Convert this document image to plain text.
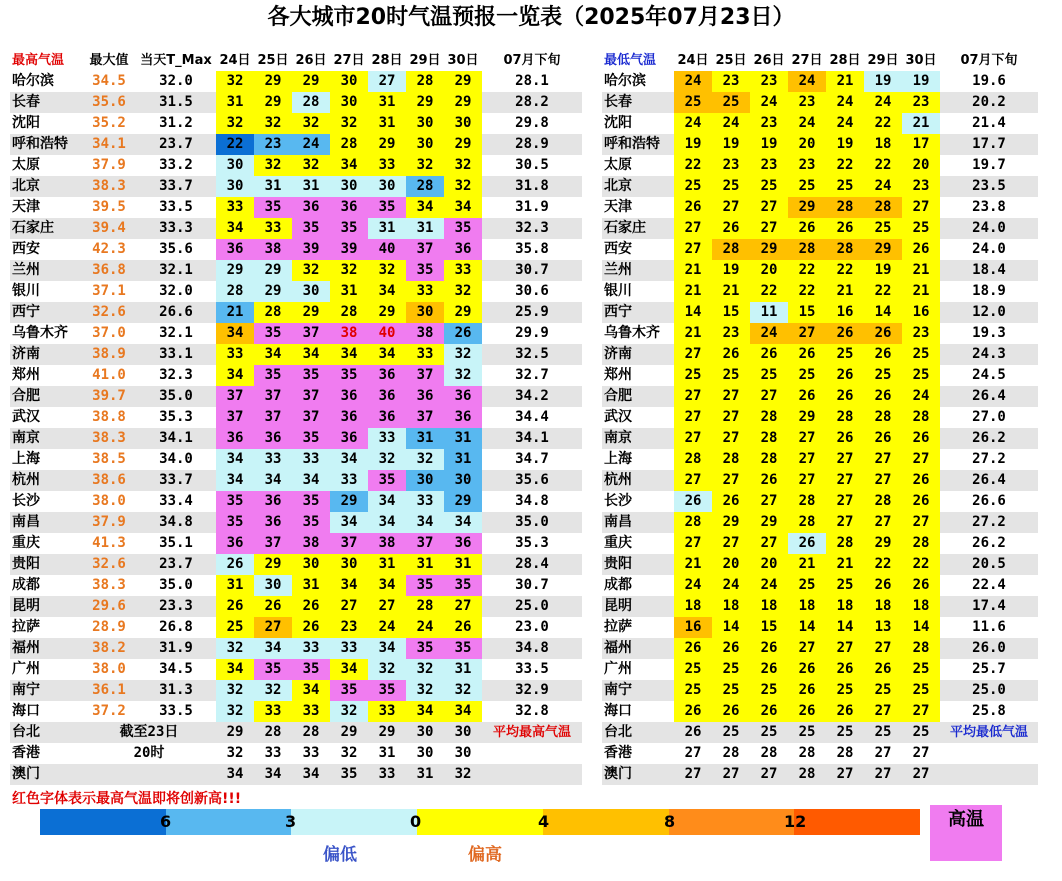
各大城市20时气温预报一览表（2025年07月23日）
最高气温	最大值	当天T_Max	24日	25日	26日	27日	28日	29日	30日	07月下旬
哈尔滨	34.5	32.0	32	29	29	30	27	28	29	28.1
长春	35.6	31.5	31	29	28	30	31	29	29	28.2
沈阳	35.2	31.2	32	32	32	32	31	30	30	29.8
呼和浩特	34.1	23.7	22	23	24	28	29	30	29	28.9
太原	37.9	33.2	30	32	32	34	33	32	32	30.5
北京	38.3	33.7	30	31	31	30	30	28	32	31.8
天津	39.5	33.5	33	35	36	36	35	34	34	31.9
石家庄	39.4	33.3	34	33	35	35	31	31	35	32.3
西安	42.3	35.6	36	38	39	39	40	37	36	35.8
兰州	36.8	32.1	29	29	32	32	32	35	33	30.7
银川	37.1	32.0	28	29	30	31	34	33	32	30.6
西宁	32.6	26.6	21	28	29	28	29	30	29	25.9
乌鲁木齐	37.0	32.1	34	35	37	38	40	38	26	29.9
济南	38.9	33.1	33	34	34	34	34	33	32	32.5
郑州	41.0	32.3	34	35	35	35	36	37	32	32.7
合肥	39.7	35.0	37	37	37	36	36	36	36	34.2
武汉	38.8	35.3	37	37	37	36	36	37	36	34.4
南京	38.3	34.1	36	36	35	36	33	31	31	34.1
上海	38.5	34.0	34	33	33	34	32	32	31	34.7
杭州	38.6	33.7	34	34	34	33	35	30	30	35.6
长沙	38.0	33.4	35	36	35	29	34	33	29	34.8
南昌	37.9	34.8	35	36	35	34	34	34	34	35.0
重庆	41.3	35.1	36	37	38	37	38	37	36	35.3
贵阳	32.6	23.7	26	29	30	30	31	31	31	28.4
成都	38.3	35.0	31	30	31	34	34	35	35	30.7
昆明	29.6	23.3	26	26	26	27	27	28	27	25.0
拉萨	28.9	26.8	25	27	26	23	24	24	26	23.0
福州	38.2	31.9	32	34	33	33	34	35	35	34.8
广州	38.0	34.5	34	35	35	34	32	32	31	33.5
南宁	36.1	31.3	32	32	34	35	35	32	32	32.9
海口	37.2	33.5	32	33	33	32	33	34	34	32.8
台北	截至23日		29	28	28	29	29	30	30	平均最高气温
香港	20时		32	33	33	32	31	30	30	
澳门			34	34	34	35	33	31	32	
最低气温	24日	25日	26日	27日	28日	29日	30日	07月下旬
哈尔滨	24	23	23	24	21	19	19	19.6
长春	25	25	24	23	24	24	23	20.2
沈阳	24	24	23	24	24	22	21	21.4
呼和浩特	19	19	19	20	19	18	17	17.7
太原	22	23	23	23	22	22	20	19.7
北京	25	25	25	25	25	24	23	23.5
天津	26	27	27	29	28	28	27	23.8
石家庄	27	26	27	26	26	25	25	24.0
西安	27	28	29	28	28	29	26	24.0
兰州	21	19	20	22	22	19	21	18.4
银川	21	21	22	22	21	22	21	18.9
西宁	14	15	11	15	16	14	16	12.0
乌鲁木齐	21	23	24	27	26	26	23	19.3
济南	27	26	26	26	25	26	25	24.3
郑州	25	25	25	25	26	25	25	24.5
合肥	27	27	27	26	26	26	24	26.4
武汉	27	27	28	29	28	28	28	27.0
南京	27	27	28	27	26	26	26	26.2
上海	28	28	28	27	27	27	27	27.2
杭州	27	27	26	27	27	27	26	26.4
长沙	26	26	27	28	27	28	26	26.6
南昌	28	29	29	28	27	27	27	27.2
重庆	27	27	27	26	28	29	28	26.2
贵阳	21	20	20	21	21	22	22	20.5
成都	24	24	24	25	25	26	26	22.4
昆明	18	18	18	18	18	18	18	17.4
拉萨	16	14	15	14	14	13	14	11.6
福州	26	26	26	27	27	27	28	26.0
广州	25	25	26	26	26	26	25	25.7
南宁	25	25	25	26	25	25	25	25.0
海口	26	26	26	26	26	27	27	25.8
台北	26	25	25	25	25	25	25	平均最低气温
香港	27	28	28	28	28	27	27	
澳门	27	27	27	28	27	27	27	
红色字体表示最高气温即将创新高!!!
6	3	0	4	8	12
偏低	偏高
高温
